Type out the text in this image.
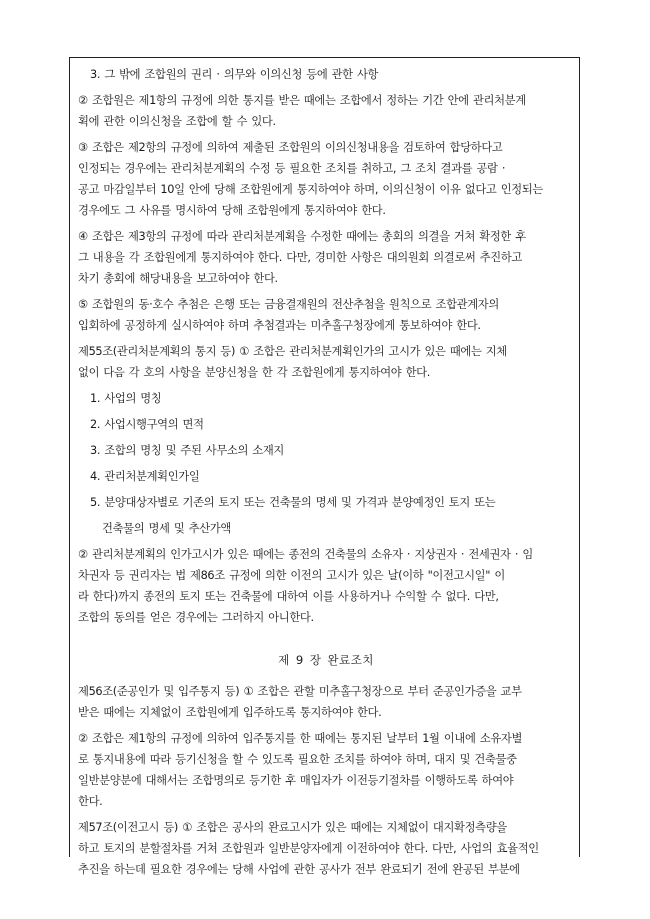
3. 그 밖에 조합원의 권리 · 의무와 이의신청 등에 관한 사항
② 조합원은 제1항의 규정에 의한 통지를 받은 때에는 조합에서 정하는 기간 안에 관리처분계
획에 관한 이의신청을 조합에 할 수 있다.
③ 조합은 제2항의 규정에 의하여 제출된 조합원의 이의신청내용을 검토하여 합당하다고
인정되는 경우에는 관리처분계획의 수정 등 필요한 조치를 취하고, 그 조치 결과를 공람 ·
공고 마감일부터 10일 안에 당해 조합원에게 통지하여야 하며, 이의신청이 이유 없다고 인정되는
경우에도 그 사유를 명시하여 당해 조합원에게 통지하여야 한다.
④ 조합은 제3항의 규정에 따라 관리처분계획을 수정한 때에는 총회의 의결을 거쳐 확정한 후
그 내용을 각 조합원에게 통지하여야 한다. 다만, 경미한 사항은 대의원회 의결로써 추진하고
차기 총회에 해당내용을 보고하여야 한다.
⑤ 조합원의 동·호수 추첨은 은행 또는 금융결재원의 전산추첨을 원칙으로 조합관계자의
입회하에 공정하게 실시하여야 하며 추첨결과는 미추홀구청장에게 통보하여야 한다.
제55조(관리처분계획의 통지 등) ① 조합은 관리처분계획인가의 고시가 있은 때에는 지체
없이 다음 각 호의 사항을 분양신청을 한 각 조합원에게 통지하여야 한다.
1. 사업의 명칭
2. 사업시행구역의 면적
3. 조합의 명칭 및 주된 사무소의 소재지
4. 관리처분계획인가일
5. 분양대상자별로 기존의 토지 또는 건축물의 명세 및 가격과 분양예정인 토지 또는
건축물의 명세 및 추산가액
② 관리처분계획의 인가고시가 있은 때에는 종전의 건축물의 소유자 · 지상권자 · 전세권자 · 임
차권자 등 권리자는 법 제86조 규정에 의한 이전의 고시가 있은 날(이하 "이전고시일" 이
라 한다)까지 종전의 토지 또는 건축물에 대하여 이를 사용하거나 수익할 수 없다. 다만,
조합의 동의를 얻은 경우에는 그러하지 아니한다.
제 9 장 완료조치
제56조(준공인가 및 입주통지 등) ① 조합은 관할 미추홀구청장으로 부터 준공인가증을 교부
받은 때에는 지체없이 조합원에게 입주하도록 통지하여야 한다.
② 조합은 제1항의 규정에 의하여 입주통지를 한 때에는 통지된 날부터 1월 이내에 소유자별
로 통지내용에 따라 등기신청을 할 수 있도록 필요한 조치를 하여야 하며, 대지 및 건축물중
일반분양분에 대해서는 조합명의로 등기한 후 매입자가 이전등기절차를 이행하도록 하여야
한다.
제57조(이전고시 등) ① 조합은 공사의 완료고시가 있은 때에는 지체없이 대지확정측량을
하고 토지의 분할절차를 거쳐 조합원과 일반분양자에게 이전하여야 한다. 다만, 사업의 효율적인
추진을 하는데 필요한 경우에는 당해 사업에 관한 공사가 전부 완료되기 전에 완공된 부분에
